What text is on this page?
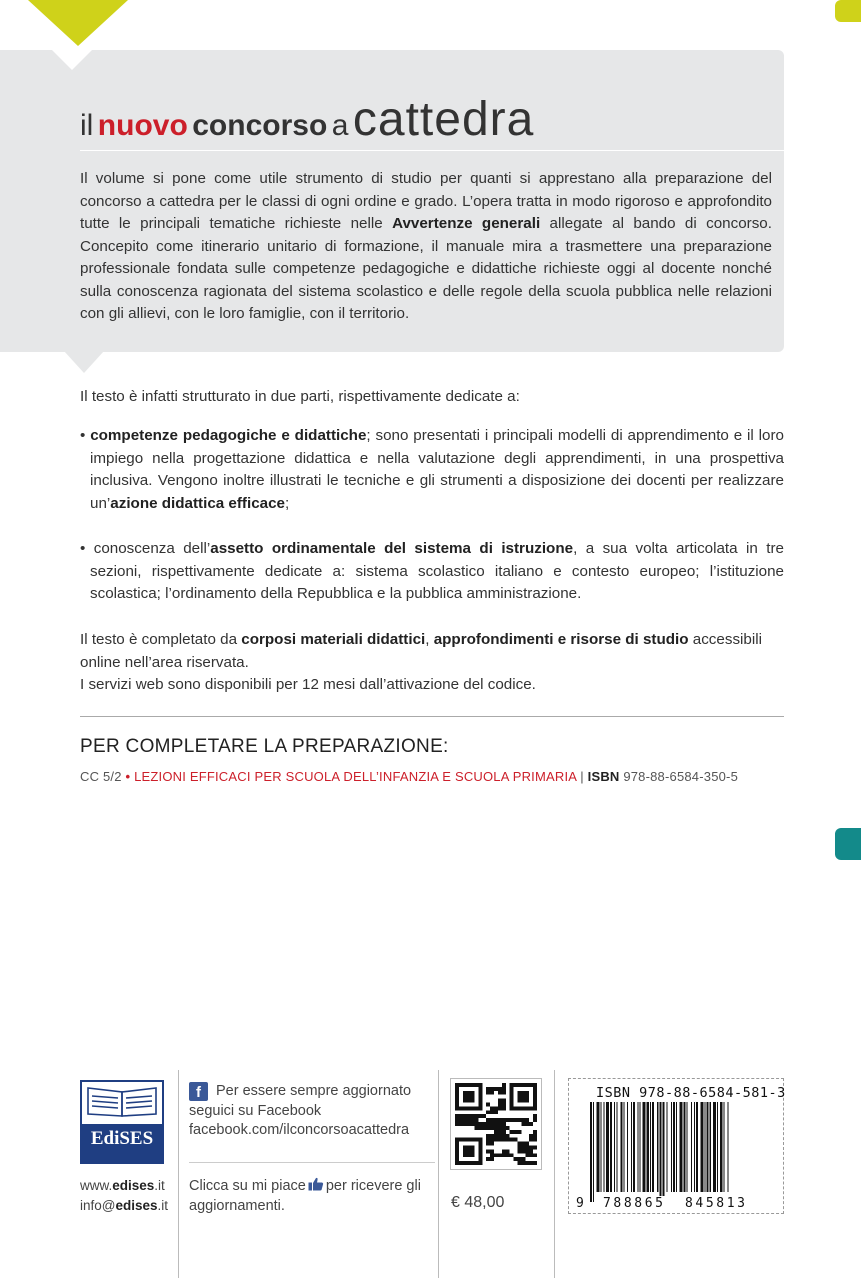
il nuovo concorso a cattedra

Il volume si pone come utile strumento di studio per quanti si apprestano alla preparazione del concorso a cattedra per le classi di ogni ordine e grado. L’opera tratta in modo rigoroso e approfondito tutte le principali tematiche richieste nelle Avvertenze generali allegate al bando di concorso. Concepito come itinerario unitario di formazione, il manuale mira a trasmettere una preparazione professionale fondata sulle competenze pedagogiche e didattiche richieste oggi al docente nonché sulla conoscenza ragionata del sistema scolastico e delle regole della scuola pubblica nelle relazioni con gli allievi, con le loro famiglie, con il territorio.

Il testo è infatti strutturato in due parti, rispettivamente dedicate a:

• competenze pedagogiche e didattiche; sono presentati i principali modelli di apprendimento e il loro impiego nella progettazione didattica e nella valutazione degli apprendimenti, in una prospettiva inclusiva. Vengono inoltre illustrati le tecniche e gli strumenti a disposizione dei docenti per realizzare un’azione didattica efficace;

• conoscenza dell’assetto ordinamentale del sistema di istruzione, a sua volta articolata in tre sezioni, rispettivamente dedicate a: sistema scolastico italiano e contesto europeo; l’istituzione scolastica; l’ordinamento della Repubblica e la pubblica amministrazione.

Il testo è completato da corposi materiali didattici, approfondimenti e risorse di studio accessibili online nell’area riservata.
I servizi web sono disponibili per 12 mesi dall’attivazione del codice.
PER COMPLETARE LA PREPARAZIONE:
CC 5/2 • LEZIONI EFFICACI PER SCUOLA DELL’INFANZIA E SCUOLA PRIMARIA | ISBN 978-88-6584-350-5
EdiSES
www.edises.it
info@edises.it
Per essere sempre aggiornato seguici su Facebook facebook.com/ilconcorsoacattedra
f
Clicca su mi piace per ricevere gli aggiornamenti.	€ 48,00
ISBN 978-88-6584-581-3
9 788865 845813
